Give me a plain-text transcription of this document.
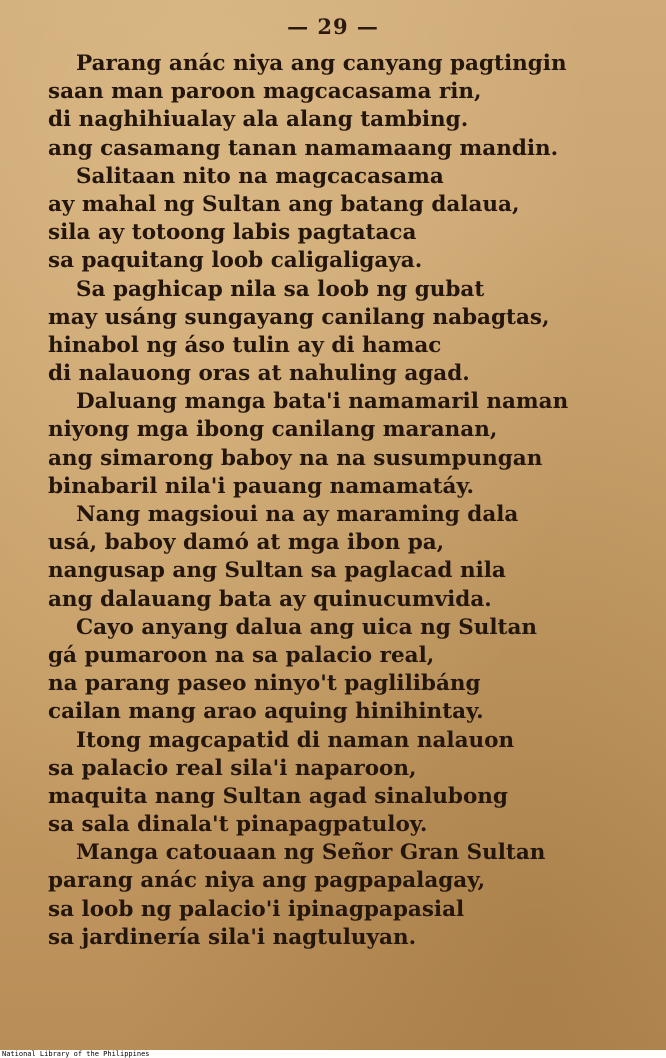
— 29 —
Parang anác niya ang canyang pagtingin
saan man paroon magcacasama rin,
di naghihiualay ala alang tambing.
ang casamang tanan namamaang mandin.
Salitaan nito na magcacasama
ay mahal ng Sultan ang batang dalaua,
sila ay totoong labis pagtataca
sa paquitang loob caligaligaya.
Sa paghicap nila sa loob ng gubat
may usáng sungayang canilang nabagtas,
hinabol ng áso tulin ay di hamac
di nalauong oras at nahuling agad.
Daluang manga bata'i namamaril naman
niyong mga ibong canilang maranan,
ang simarong baboy na na susumpungan
binabaril nila'i pauang namamatáy.
Nang magsioui na ay maraming dala
usá, baboy damó at mga ibon pa,
nangusap ang Sultan sa paglacad nila
ang dalauang bata ay quinucumvida.
Cayo anyang dalua ang uica ng Sultan
gá pumaroon na sa palacio real,
na parang paseo ninyo't paglilibáng
cailan mang arao aquing hinihintay.
Itong magcapatid di naman nalauon
sa palacio real sila'i naparoon,
maquita nang Sultan agad sinalubong
sa sala dinala't pinapagpatuloy.
Manga catouaan ng Señor Gran Sultan
parang anác niya ang pagpapalagay,
sa loob ng palacio'i ipinagpapasial
sa jardinería sila'i nagtuluyan.
National Library of the Philippines
